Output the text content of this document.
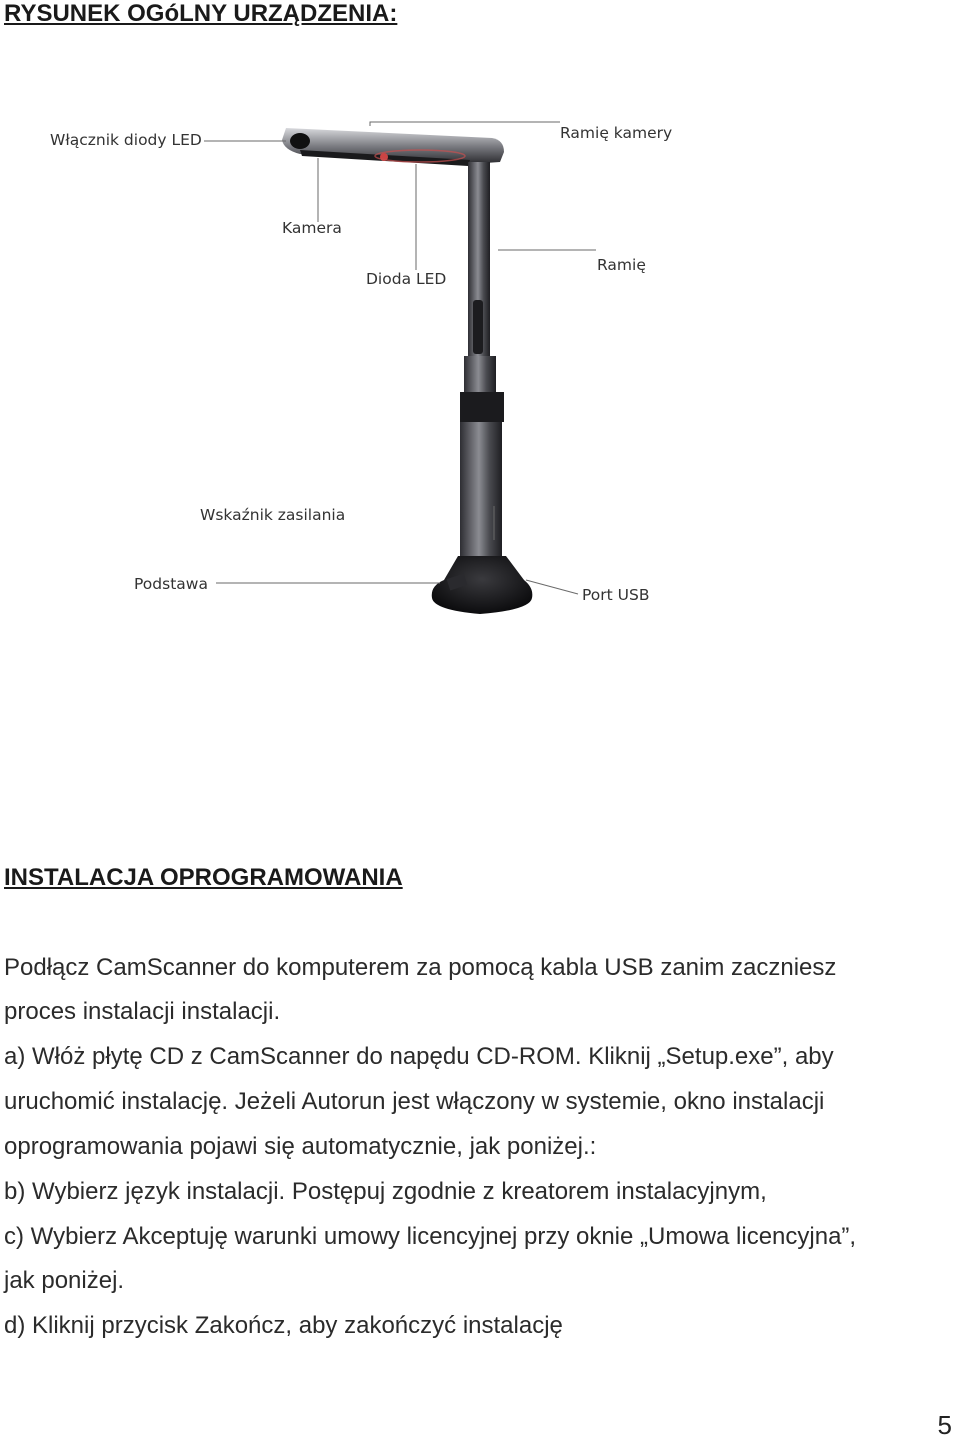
RYSUNEK OGóLNY URZĄDZENIA:
Włącznik diody LED	Ramię kamery
Kamera
Dioda LED
Ramię
Wskaźnik zasilania
Podstawa
Port USB
INSTALACJA OPROGRAMOWANIA
Podłącz CamScanner do komputerem za pomocą kabla USB zanim zaczniesz
proces instalacji instalacji.
a) Włóż płytę CD z CamScanner do napędu CD-ROM. Kliknij „Setup.exe”, aby
uruchomić instalację. Jeżeli Autorun jest włączony w systemie, okno instalacji
oprogramowania pojawi się automatycznie, jak poniżej.:
b) Wybierz język instalacji. Postępuj zgodnie z kreatorem instalacyjnym,
c) Wybierz Akceptuję warunki umowy licencyjnej przy oknie „Umowa licencyjna”,
jak poniżej.
d) Kliknij przycisk Zakończ, aby zakończyć instalację
5
